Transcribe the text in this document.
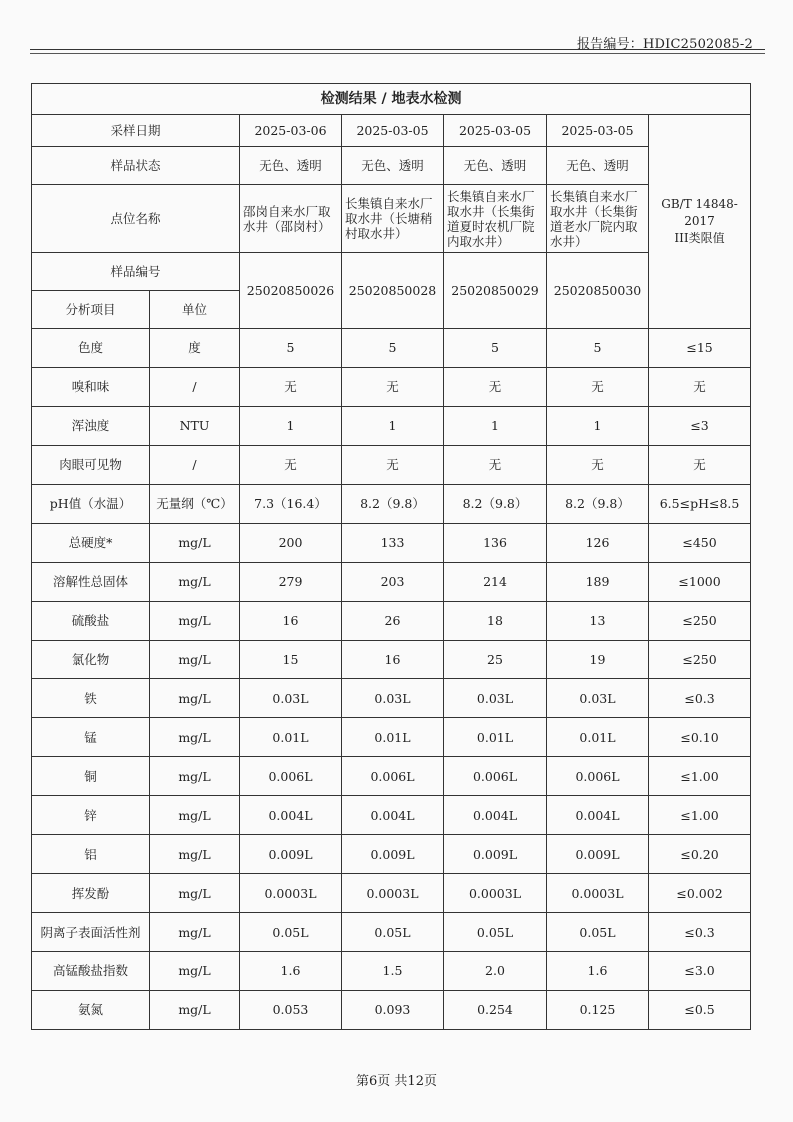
报告编号：HDIC2502085-2
检测结果 / 地表水检测						
采样日期		2025-03-06	2025-03-05	2025-03-05	2025-03-05	GB/T 14848-2017
III类限值
样品状态		无色、透明	无色、透明	无色、透明	无色、透明	
点位名称		邵岗自来水厂取水井（邵岗村）	长集镇自来水厂取水井（长塘稍村取水井）	长集镇自来水厂取水井（长集街道夏时农机厂院内取水井）	长集镇自来水厂取水井（长集街道老水厂院内取水井）	
样品编号		25020850026	25020850028	25020850029	25020850030	
分析项目	单位					
色度	度	5	5	5	5	≤15
嗅和味	/	无	无	无	无	无
浑浊度	NTU	1	1	1	1	≤3
肉眼可见物	/	无	无	无	无	无
pH值（水温）	无量纲（℃）	7.3（16.4）	8.2（9.8）	8.2（9.8）	8.2（9.8）	6.5≤pH≤8.5
总硬度*	mg/L	200	133	136	126	≤450
溶解性总固体	mg/L	279	203	214	189	≤1000
硫酸盐	mg/L	16	26	18	13	≤250
氯化物	mg/L	15	16	25	19	≤250
铁	mg/L	0.03L	0.03L	0.03L	0.03L	≤0.3
锰	mg/L	0.01L	0.01L	0.01L	0.01L	≤0.10
铜	mg/L	0.006L	0.006L	0.006L	0.006L	≤1.00
锌	mg/L	0.004L	0.004L	0.004L	0.004L	≤1.00
铝	mg/L	0.009L	0.009L	0.009L	0.009L	≤0.20
挥发酚	mg/L	0.0003L	0.0003L	0.0003L	0.0003L	≤0.002
阴离子表面活性剂	mg/L	0.05L	0.05L	0.05L	0.05L	≤0.3
高锰酸盐指数	mg/L	1.6	1.5	2.0	1.6	≤3.0
氨氮	mg/L	0.053	0.093	0.254	0.125	≤0.5
第6页 共12页
